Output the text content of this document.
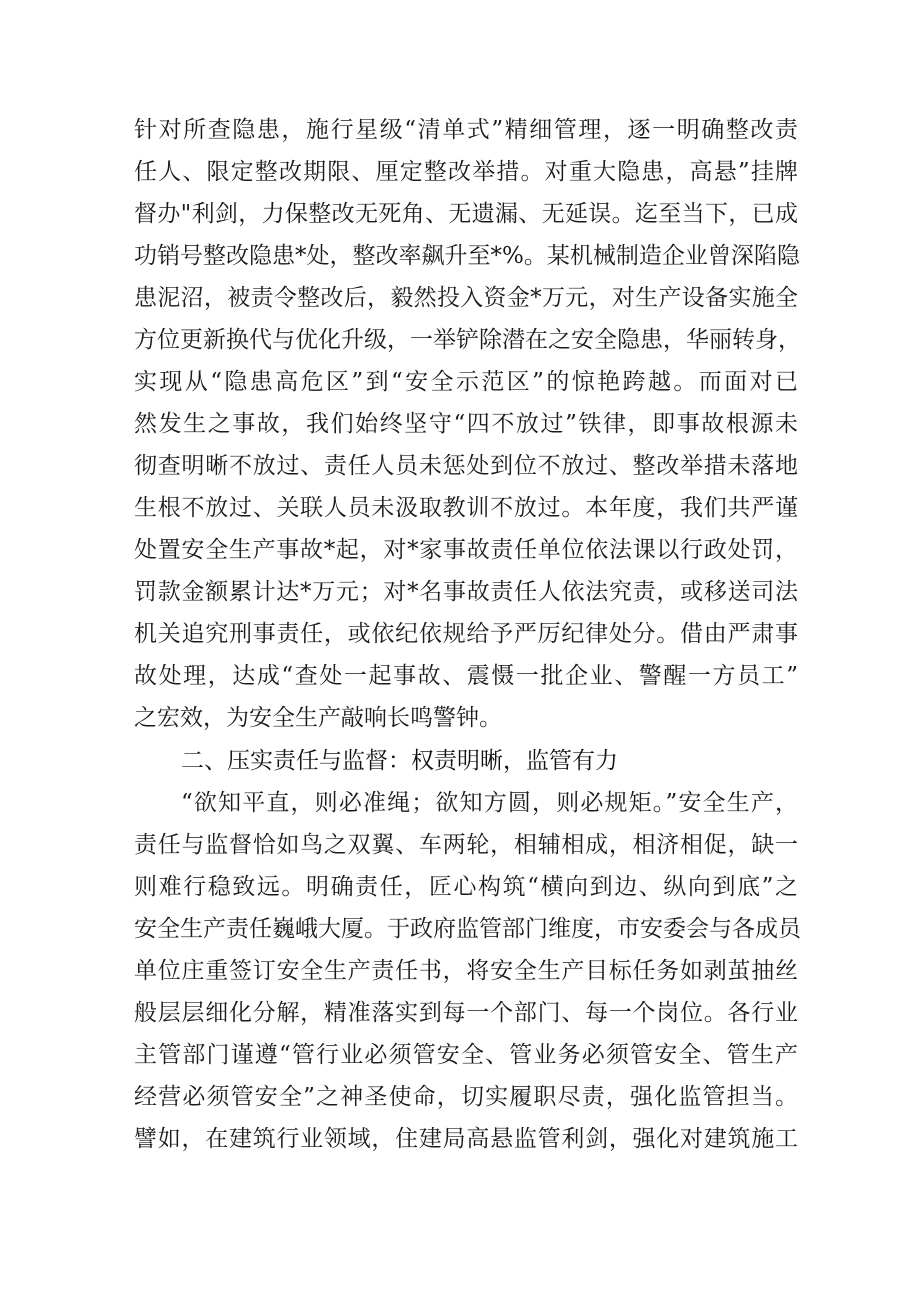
针对所查隐患，施行星级“清单式”精细管理，逐一明确整改责
任人、限定整改期限、厘定整改举措。对重大隐患，高悬”挂牌
督办"利剑，力保整改无死角、无遗漏、无延误。迄至当下，已成
功销号整改隐患*处，整改率飙升至*%。某机械制造企业曾深陷隐
患泥沼，被责令整改后，毅然投入资金*万元，对生产设备实施全
方位更新换代与优化升级，一举铲除潜在之安全隐患，华丽转身，
实现从“隐患高危区”到“安全示范区”的惊艳跨越。而面对已
然发生之事故，我们始终坚守“四不放过”铁律，即事故根源未
彻查明晰不放过、责任人员未惩处到位不放过、整改举措未落地
生根不放过、关联人员未汲取教训不放过。本年度，我们共严谨
处置安全生产事故*起，对*家事故责任单位依法课以行政处罚，
罚款金额累计达*万元；对*名事故责任人依法究责，或移送司法
机关追究刑事责任，或依纪依规给予严厉纪律处分。借由严肃事
故处理，达成“查处一起事故、震慑一批企业、警醒一方员工”
之宏效，为安全生产敲响长鸣警钟。
二、压实责任与监督：权责明晰，监管有力
“欲知平直，则必准绳；欲知方圆，则必规矩。”安全生产，
责任与监督恰如鸟之双翼、车两轮，相辅相成，相济相促，缺一
则难行稳致远。明确责任，匠心构筑“横向到边、纵向到底”之
安全生产责任巍峨大厦。于政府监管部门维度，市安委会与各成员
单位庄重签订安全生产责任书，将安全生产目标任务如剥茧抽丝
般层层细化分解，精准落实到每一个部门、每一个岗位。各行业
主管部门谨遵“管行业必须管安全、管业务必须管安全、管生产
经营必须管安全”之神圣使命，切实履职尽责，强化监管担当。
譬如，在建筑行业领域，住建局高悬监管利剑，强化对建筑施工
